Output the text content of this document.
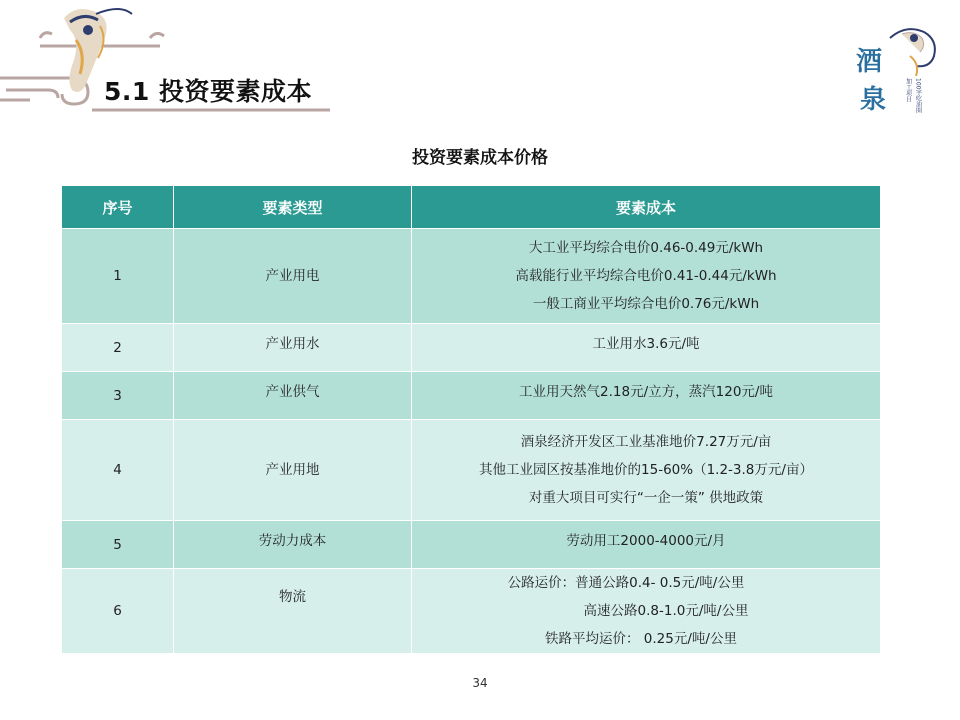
5.1 投资要素成本
酒
泉	加工项目 100字吃油圈
投资要素成本价格
序号	要素类型	要素成本
1	产业用电	大工业平均综合电价0.46-0.49元/kWh
高载能行业平均综合电价0.41-0.44元/kWh
一般工商业平均综合电价0.76元/kWh

2	产业用水	工业用水3.6元/吨

3	产业供气	工业用天然气2.18元/立方，蒸汽120元/吨

4	产业用地	酒泉经济开发区工业基准地价7.27万元/亩
其他工业园区按基准地价的15-60%（1.2-3.8万元/亩）
对重大项目可实行“一企一策” 供地政策

5	劳动力成本	劳动用工2000-4000元/月

6	物流	公路运价：普通公路0.4- 0.5元/吨/公里
高速公路0.8-1.0元/吨/公里
铁路平均运价： 0.25元/吨/公里
34
